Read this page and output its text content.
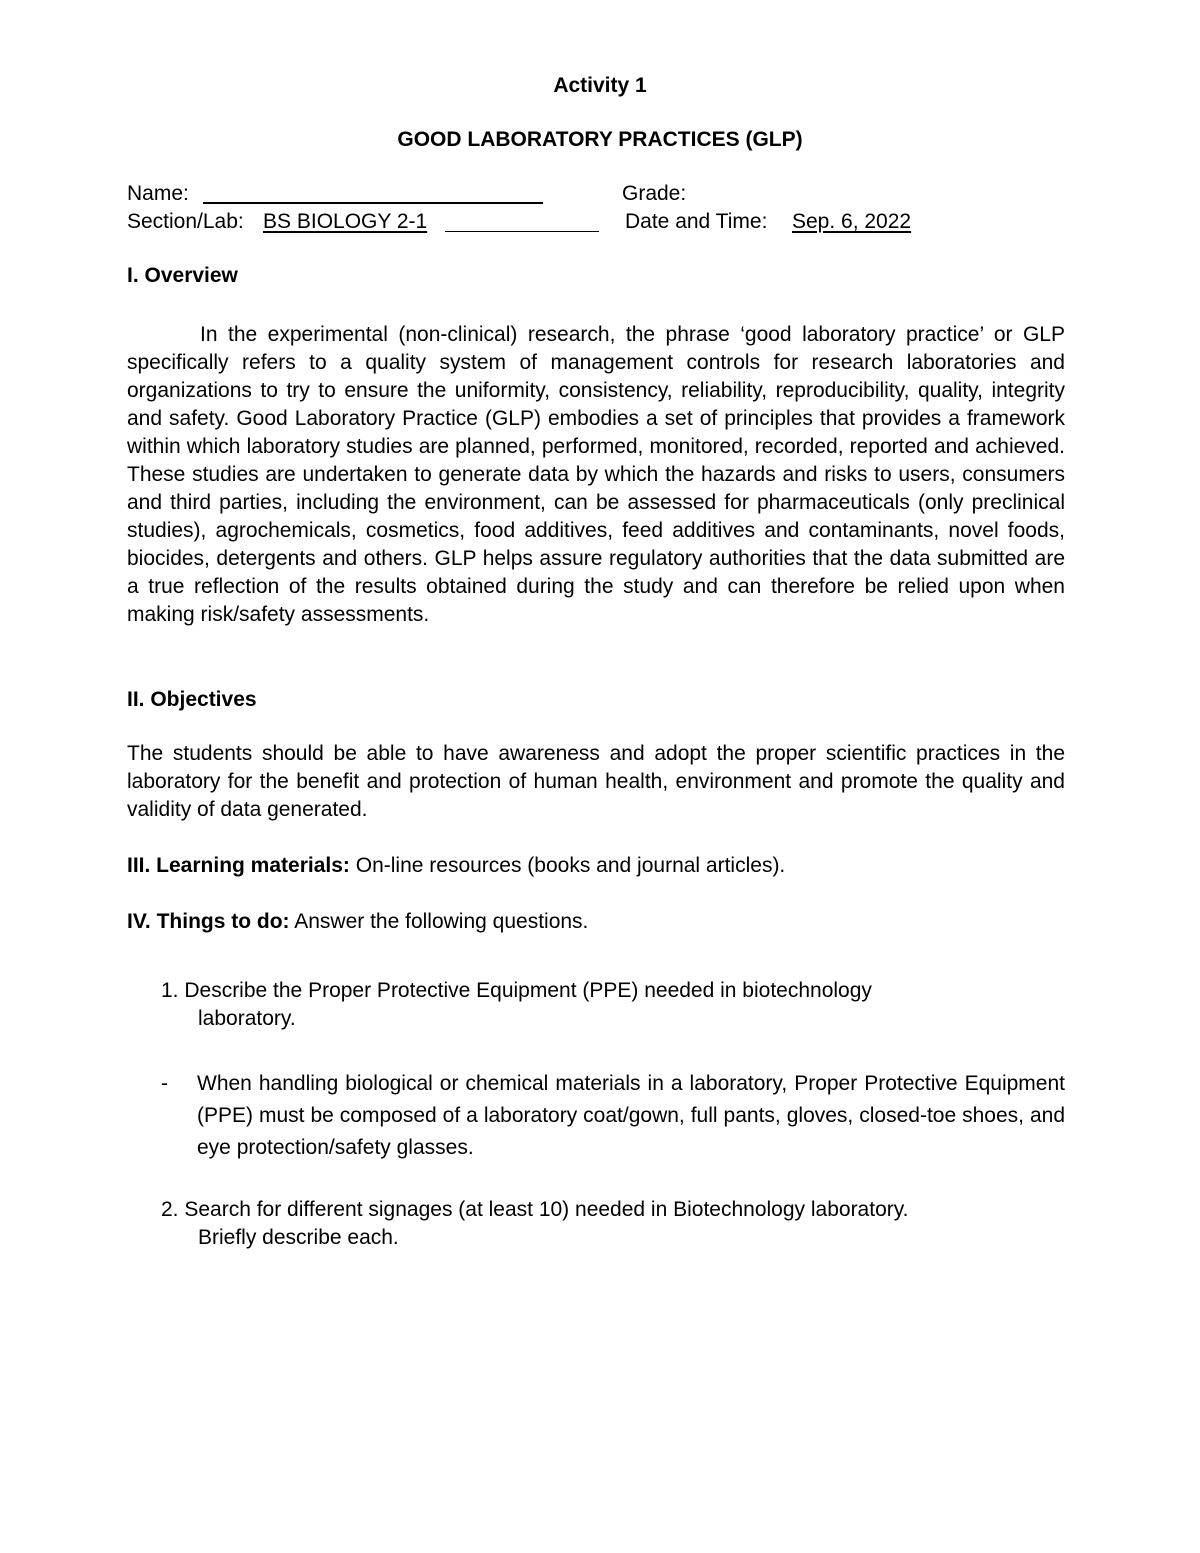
Activity 1
GOOD LABORATORY PRACTICES (GLP)
Name:	Grade:
Section/Lab: BS BIOLOGY 2-1	Date and Time: Sep. 6, 2022
I. Overview

In the experimental (non-clinical) research, the phrase ‘good laboratory practice’ or GLP specifically refers to a quality system of management controls for research laboratories and organizations to try to ensure the uniformity, consistency, reliability, reproducibility, quality, integrity and safety. Good Laboratory Practice (GLP) embodies a set of principles that provides a framework within which laboratory studies are planned, performed, monitored, recorded, reported and achieved. These studies are undertaken to generate data by which the hazards and risks to users, consumers and third parties, including the environment, can be assessed for pharmaceuticals (only preclinical studies), agrochemicals, cosmetics, food additives, feed additives and contaminants, novel foods, biocides, detergents and others. GLP helps assure regulatory authorities that the data submitted are a true reflection of the results obtained during the study and can therefore be relied upon when making risk/safety assessments.

II. Objectives

The students should be able to have awareness and adopt the proper scientific practices in the laboratory for the benefit and protection of human health, environment and promote the quality and validity of data generated.

III. Learning materials: On-line resources (books and journal articles).
IV. Things to do: Answer the following questions.
1. Describe the Proper Protective Equipment (PPE) needed in biotechnology
laboratory.
- When handling biological or chemical materials in a laboratory, Proper Protective Equipment (PPE) must be composed of a laboratory coat/gown, full pants, gloves, closed-toe shoes, and eye protection/safety glasses.

2. Search for different signages (at least 10) needed in Biotechnology laboratory.
Briefly describe each.
